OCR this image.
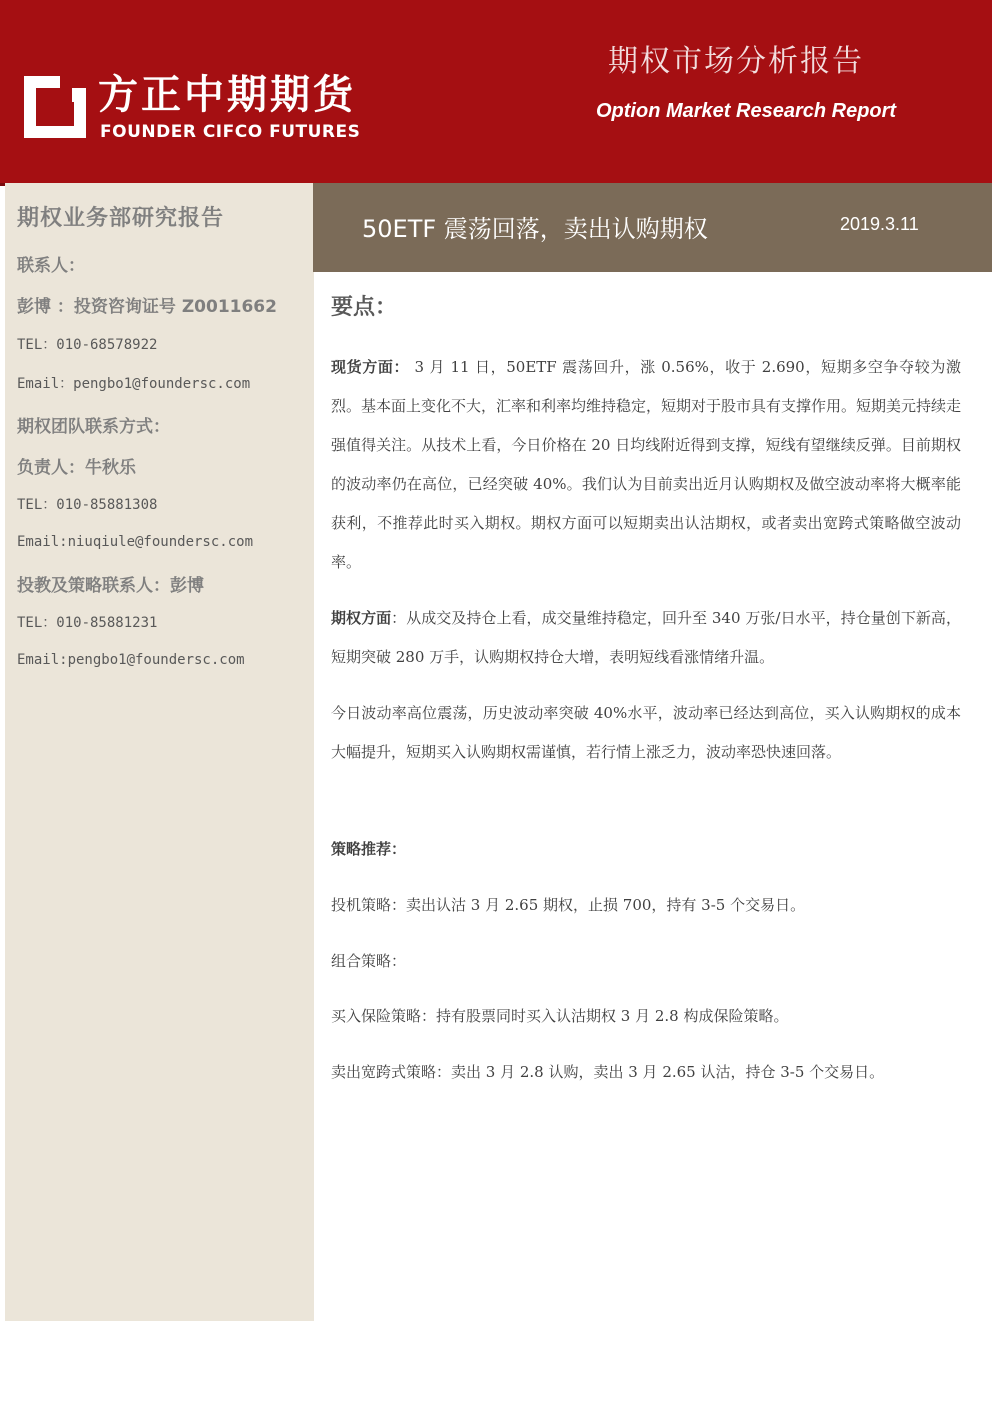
方正中期期货
FOUNDER CIFCO FUTURES
期权市场分析报告
Option Market Research Report
期权业务部研究报告
联系人：
彭博 ：投资咨询证号 Z0011662
TEL：010-68578922
Email：pengbo1@foundersc.com
期权团队联系方式：
负责人：牛秋乐
TEL：010-85881308
Email:niuqiule@foundersc.com
投教及策略联系人：彭博
TEL：010-85881231
Email:pengbo1@foundersc.com
50ETF 震荡回落，卖出认购期权	2019.3.11
要点：
现货方面： 3 月 11 日，50ETF 震荡回升，涨 0.56%，收于 2.690，短期多空争夺较为激烈。基本面上变化不大，汇率和利率均维持稳定，短期对于股市具有支撑作用。短期美元持续走强值得关注。从技术上看，今日价格在 20 日均线附近得到支撑，短线有望继续反弹。目前期权的波动率仍在高位，已经突破 40%。我们认为目前卖出近月认购期权及做空波动率将大概率能获利，不推荐此时买入期权。期权方面可以短期卖出认沽期权，或者卖出宽跨式策略做空波动率。
期权方面：从成交及持仓上看，成交量维持稳定，回升至 340 万张/日水平，持仓量创下新高，短期突破 280 万手，认购期权持仓大增，表明短线看涨情绪升温。
今日波动率高位震荡，历史波动率突破 40%水平，波动率已经达到高位，买入认购期权的成本大幅提升，短期买入认购期权需谨慎，若行情上涨乏力，波动率恐快速回落。
策略推荐：
投机策略：卖出认沽 3 月 2.65 期权，止损 700，持有 3-5 个交易日。
组合策略：
买入保险策略：持有股票同时买入认沽期权 3 月 2.8 构成保险策略。
卖出宽跨式策略：卖出 3 月 2.8 认购，卖出 3 月 2.65 认沽，持仓 3-5 个交易日。
